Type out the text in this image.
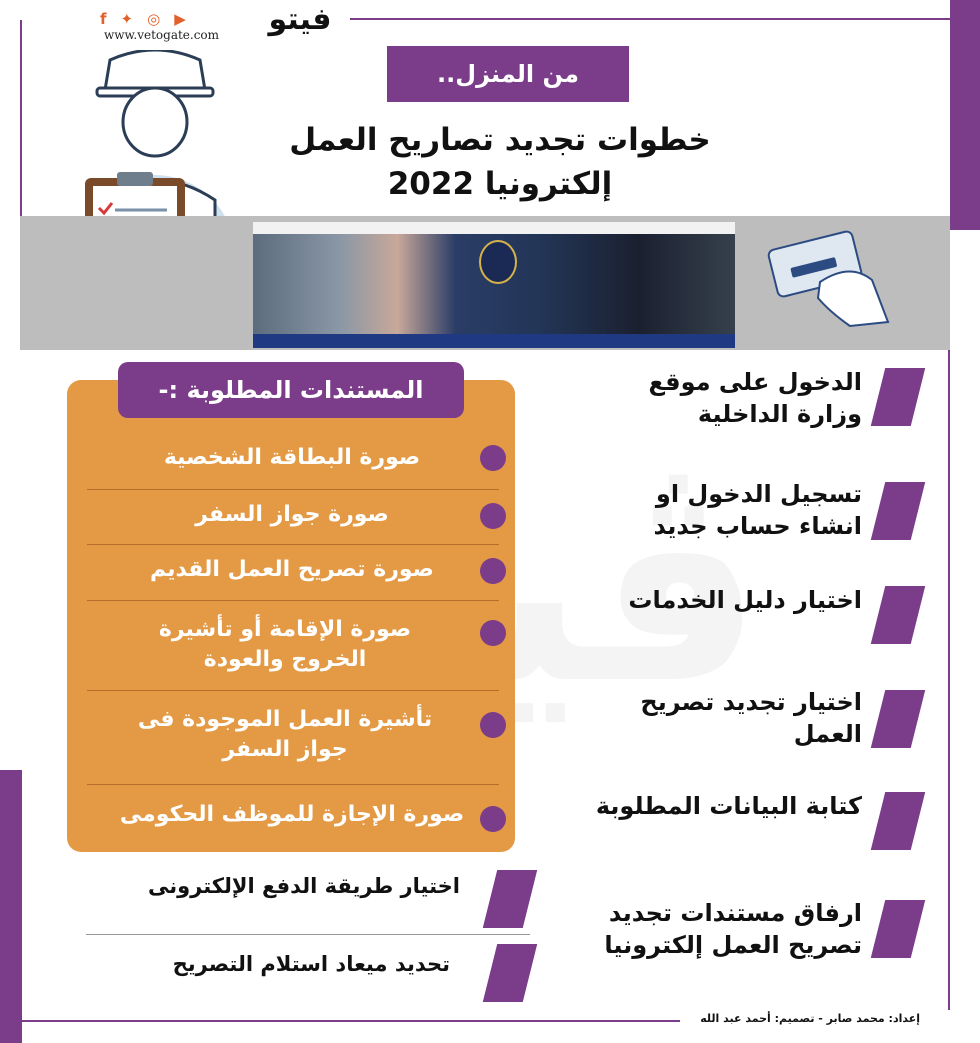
f ✦ ◎ ▶
www.vetogate.com	فيتو
من المنزل..
خطوات تجديد تصاريح العمل
إلكترونيا 2022
المستندات المطلوبة :-
صورة البطاقة الشخصية
صورة جواز السفر
صورة تصريح العمل القديم
صورة الإقامة أو تأشيرة الخروج والعودة
تأشيرة العمل الموجودة فى جواز السفر
صورة الإجازة للموظف الحكومى
الدخول على موقع وزارة الداخلية
تسجيل الدخول او انشاء حساب جديد
اختيار دليل الخدمات
اختيار تجديد تصريح العمل
كتابة البيانات المطلوبة
ارفاق مستندات تجديد تصريح العمل إلكترونيا
اختيار طريقة الدفع الإلكترونى
تحديد ميعاد استلام التصريح
إعداد: محمد صابر - تصميم: أحمد عبد الله
